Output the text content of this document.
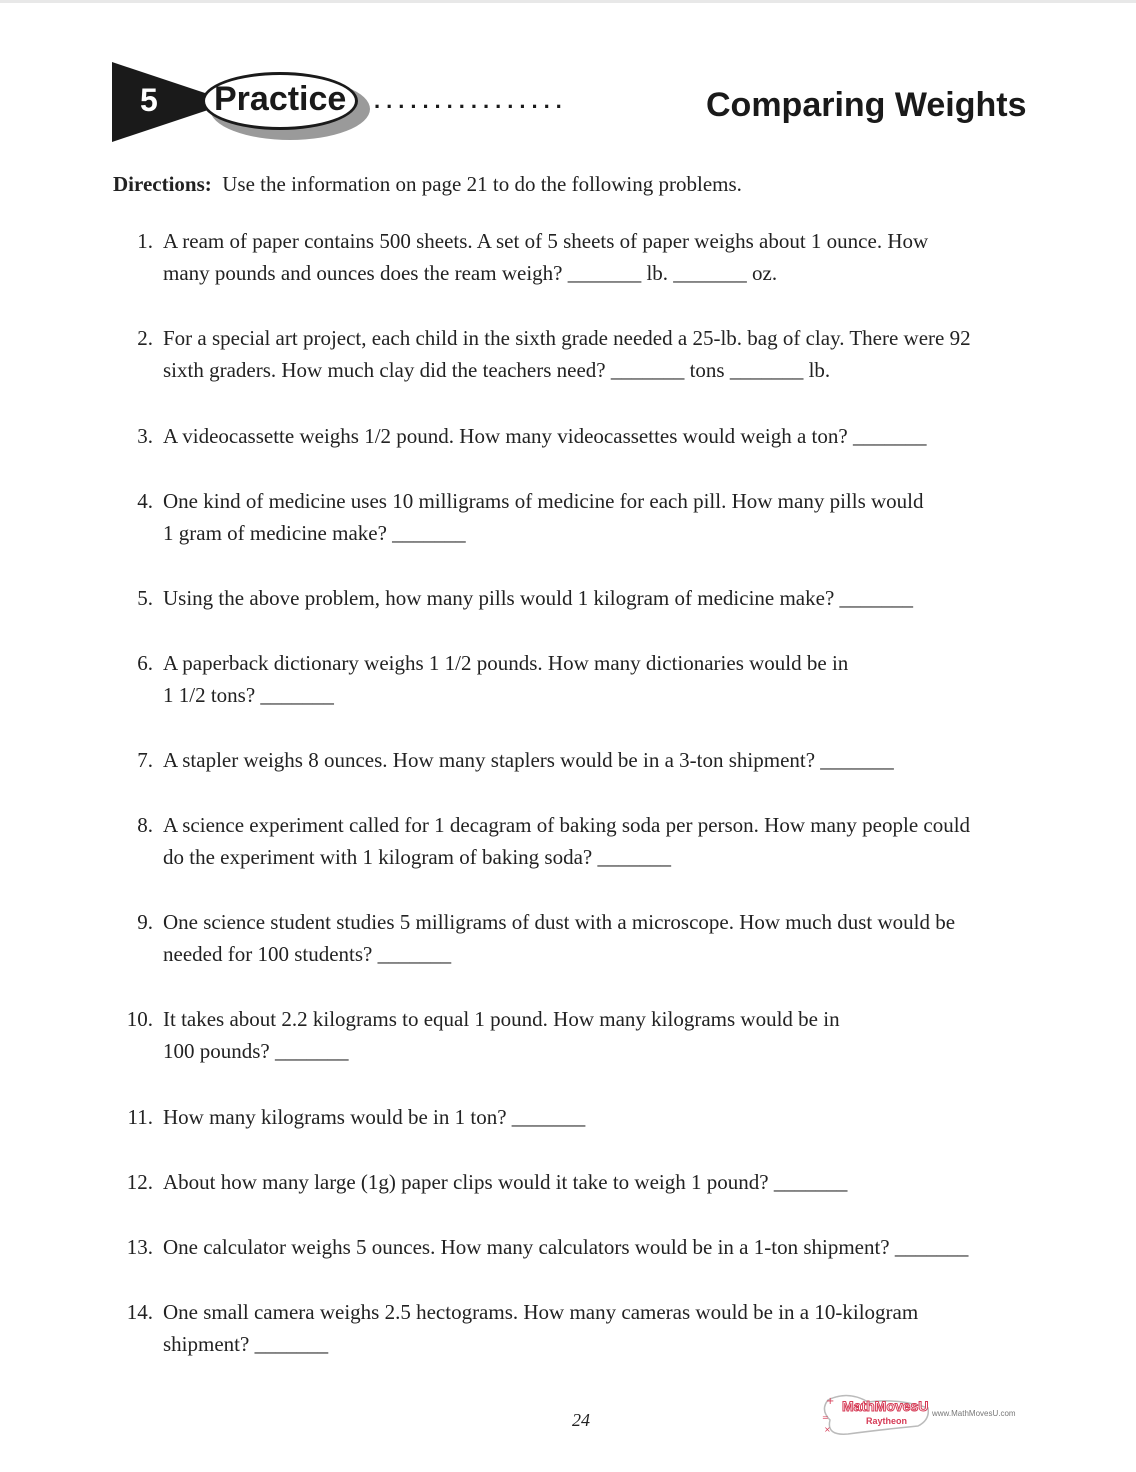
5 Practice ................	Comparing Weights
Directions: Use the information on page 21 to do the following problems.
1. A ream of paper contains 500 sheets. A set of 5 sheets of paper weighs about 1 ounce. How
many pounds and ounces does the ream weigh? _______ lb. _______ oz.
2. For a special art project, each child in the sixth grade needed a 25-lb. bag of clay. There were 92
sixth graders. How much clay did the teachers need? _______ tons _______ lb.
3. A videocassette weighs 1/2 pound. How many videocassettes would weigh a ton? _______
4. One kind of medicine uses 10 milligrams of medicine for each pill. How many pills would
1 gram of medicine make? _______
5. Using the above problem, how many pills would 1 kilogram of medicine make? _______
6. A paperback dictionary weighs 1 1/2 pounds. How many dictionaries would be in
1 1/2 tons? _______
7. A stapler weighs 8 ounces. How many staplers would be in a 3-ton shipment? _______
8. A science experiment called for 1 decagram of baking soda per person. How many people could
do the experiment with 1 kilogram of baking soda? _______
9. One science student studies 5 milligrams of dust with a microscope. How much dust would be
needed for 100 students? _______
10. It takes about 2.2 kilograms to equal 1 pound. How many kilograms would be in
100 pounds? _______
11. How many kilograms would be in 1 ton? _______
12. About how many large (1g) paper clips would it take to weigh 1 pound? _______
13. One calculator weighs 5 ounces. How many calculators would be in a 1-ton shipment? _______
14. One small camera weighs 2.5 hectograms. How many cameras would be in a 10-kilogram
shipment? _______
24
+
=
×
MathMovesU
Raytheon
www.MathMovesU.com
